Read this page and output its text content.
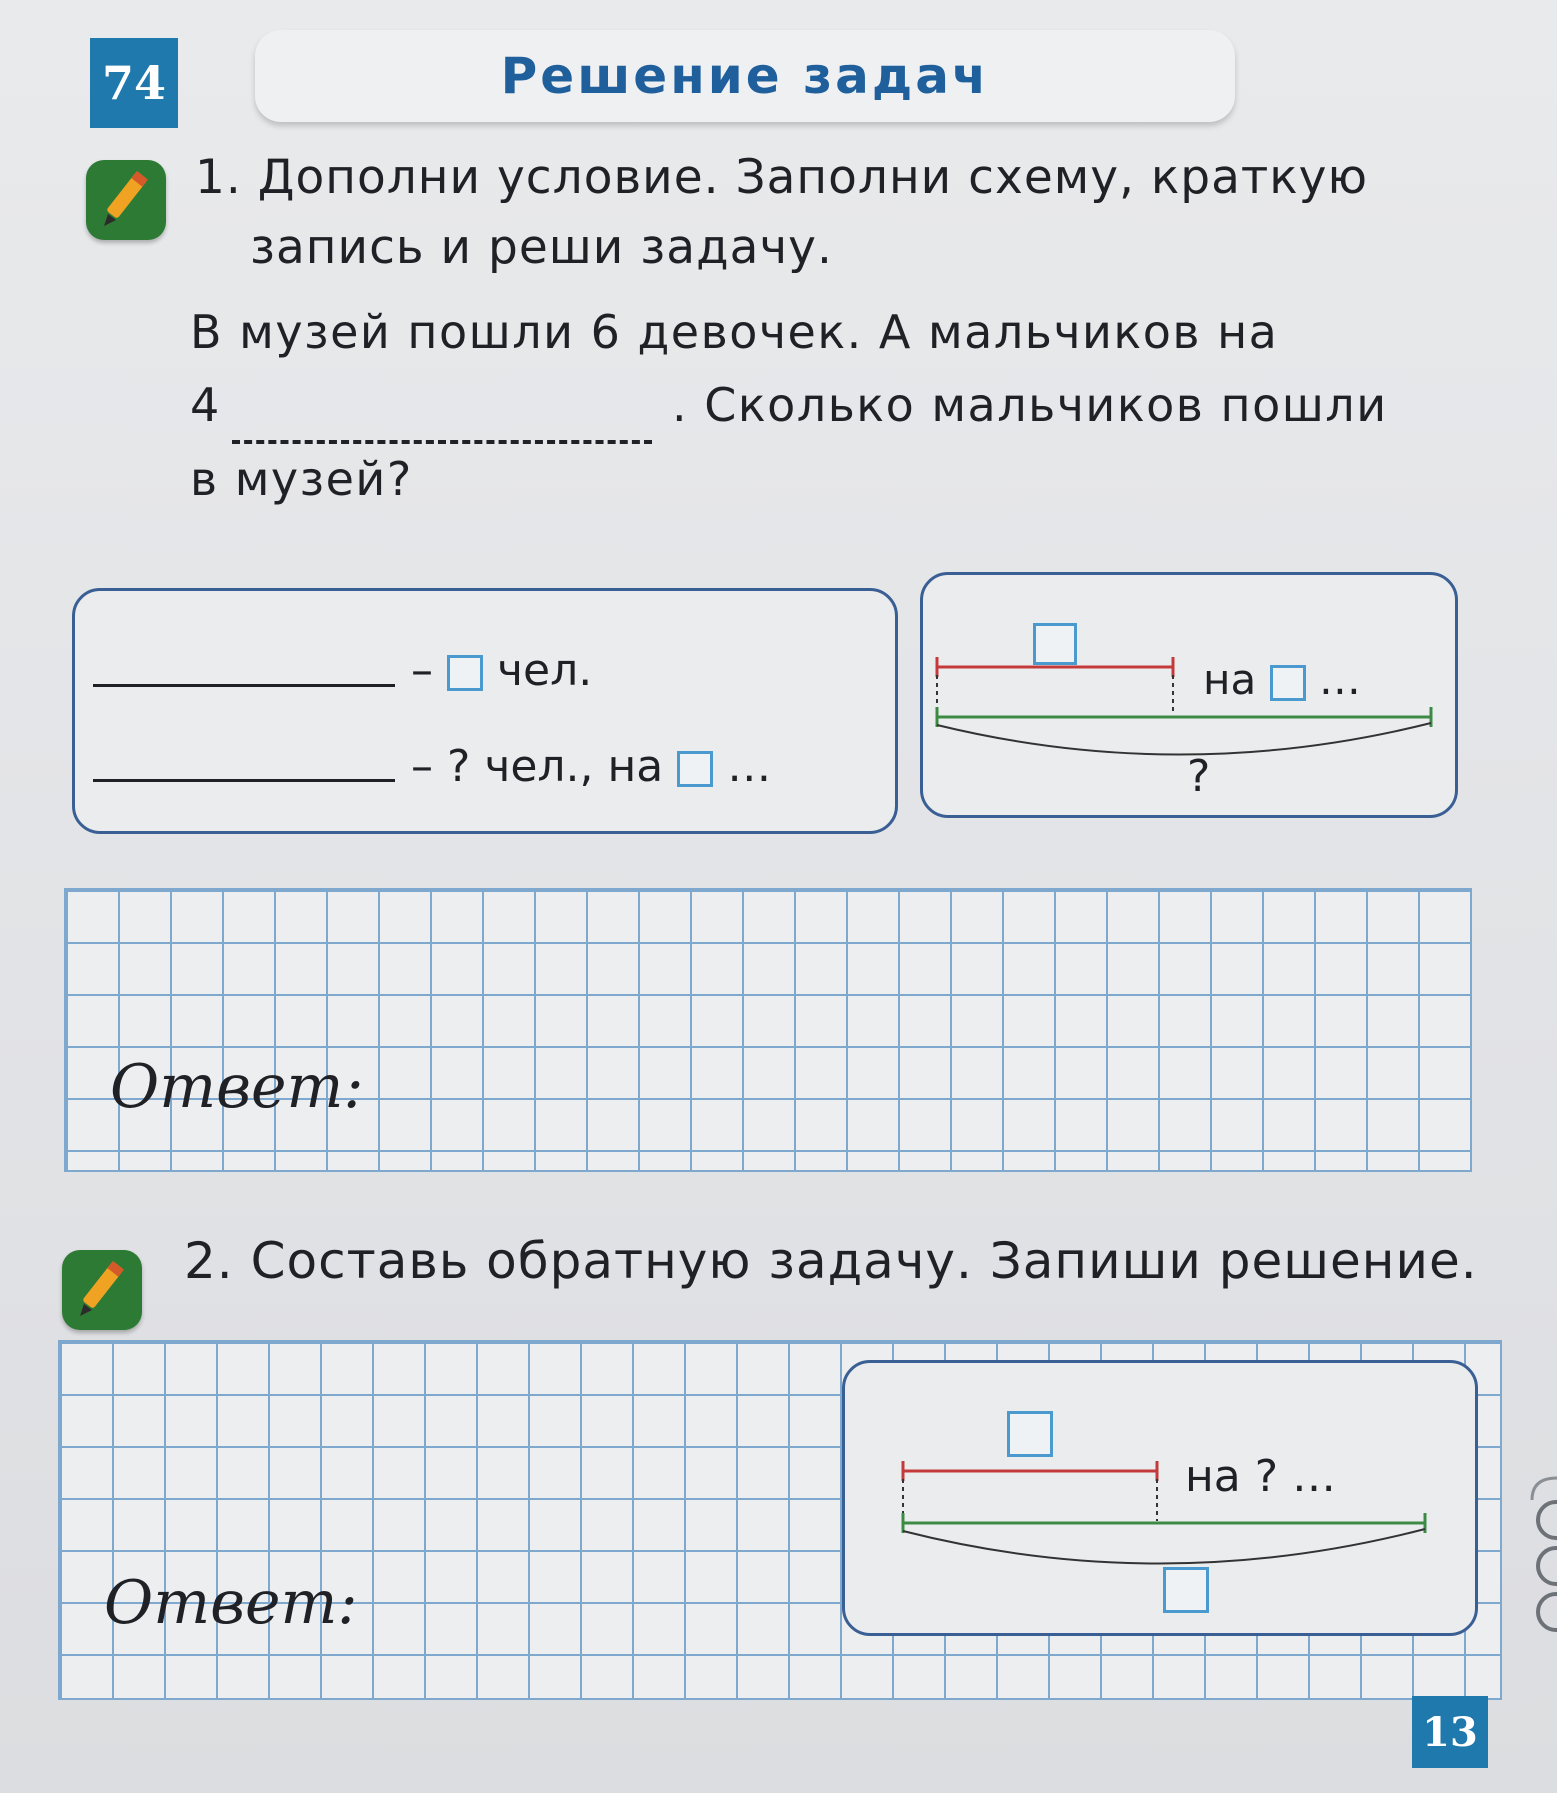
74	Решение задач
1. Дополни условие. Заполни схему, краткую
запись и реши задачу.
В музей пошли 6 девочек. А мальчиков на
4	. Сколько мальчиков пошли
в музей?
–  чел.
– ? чел., на …
на …
?
Ответ:
2. Составь обратную задачу. Запиши решение.
Ответ:
на ? …
13
